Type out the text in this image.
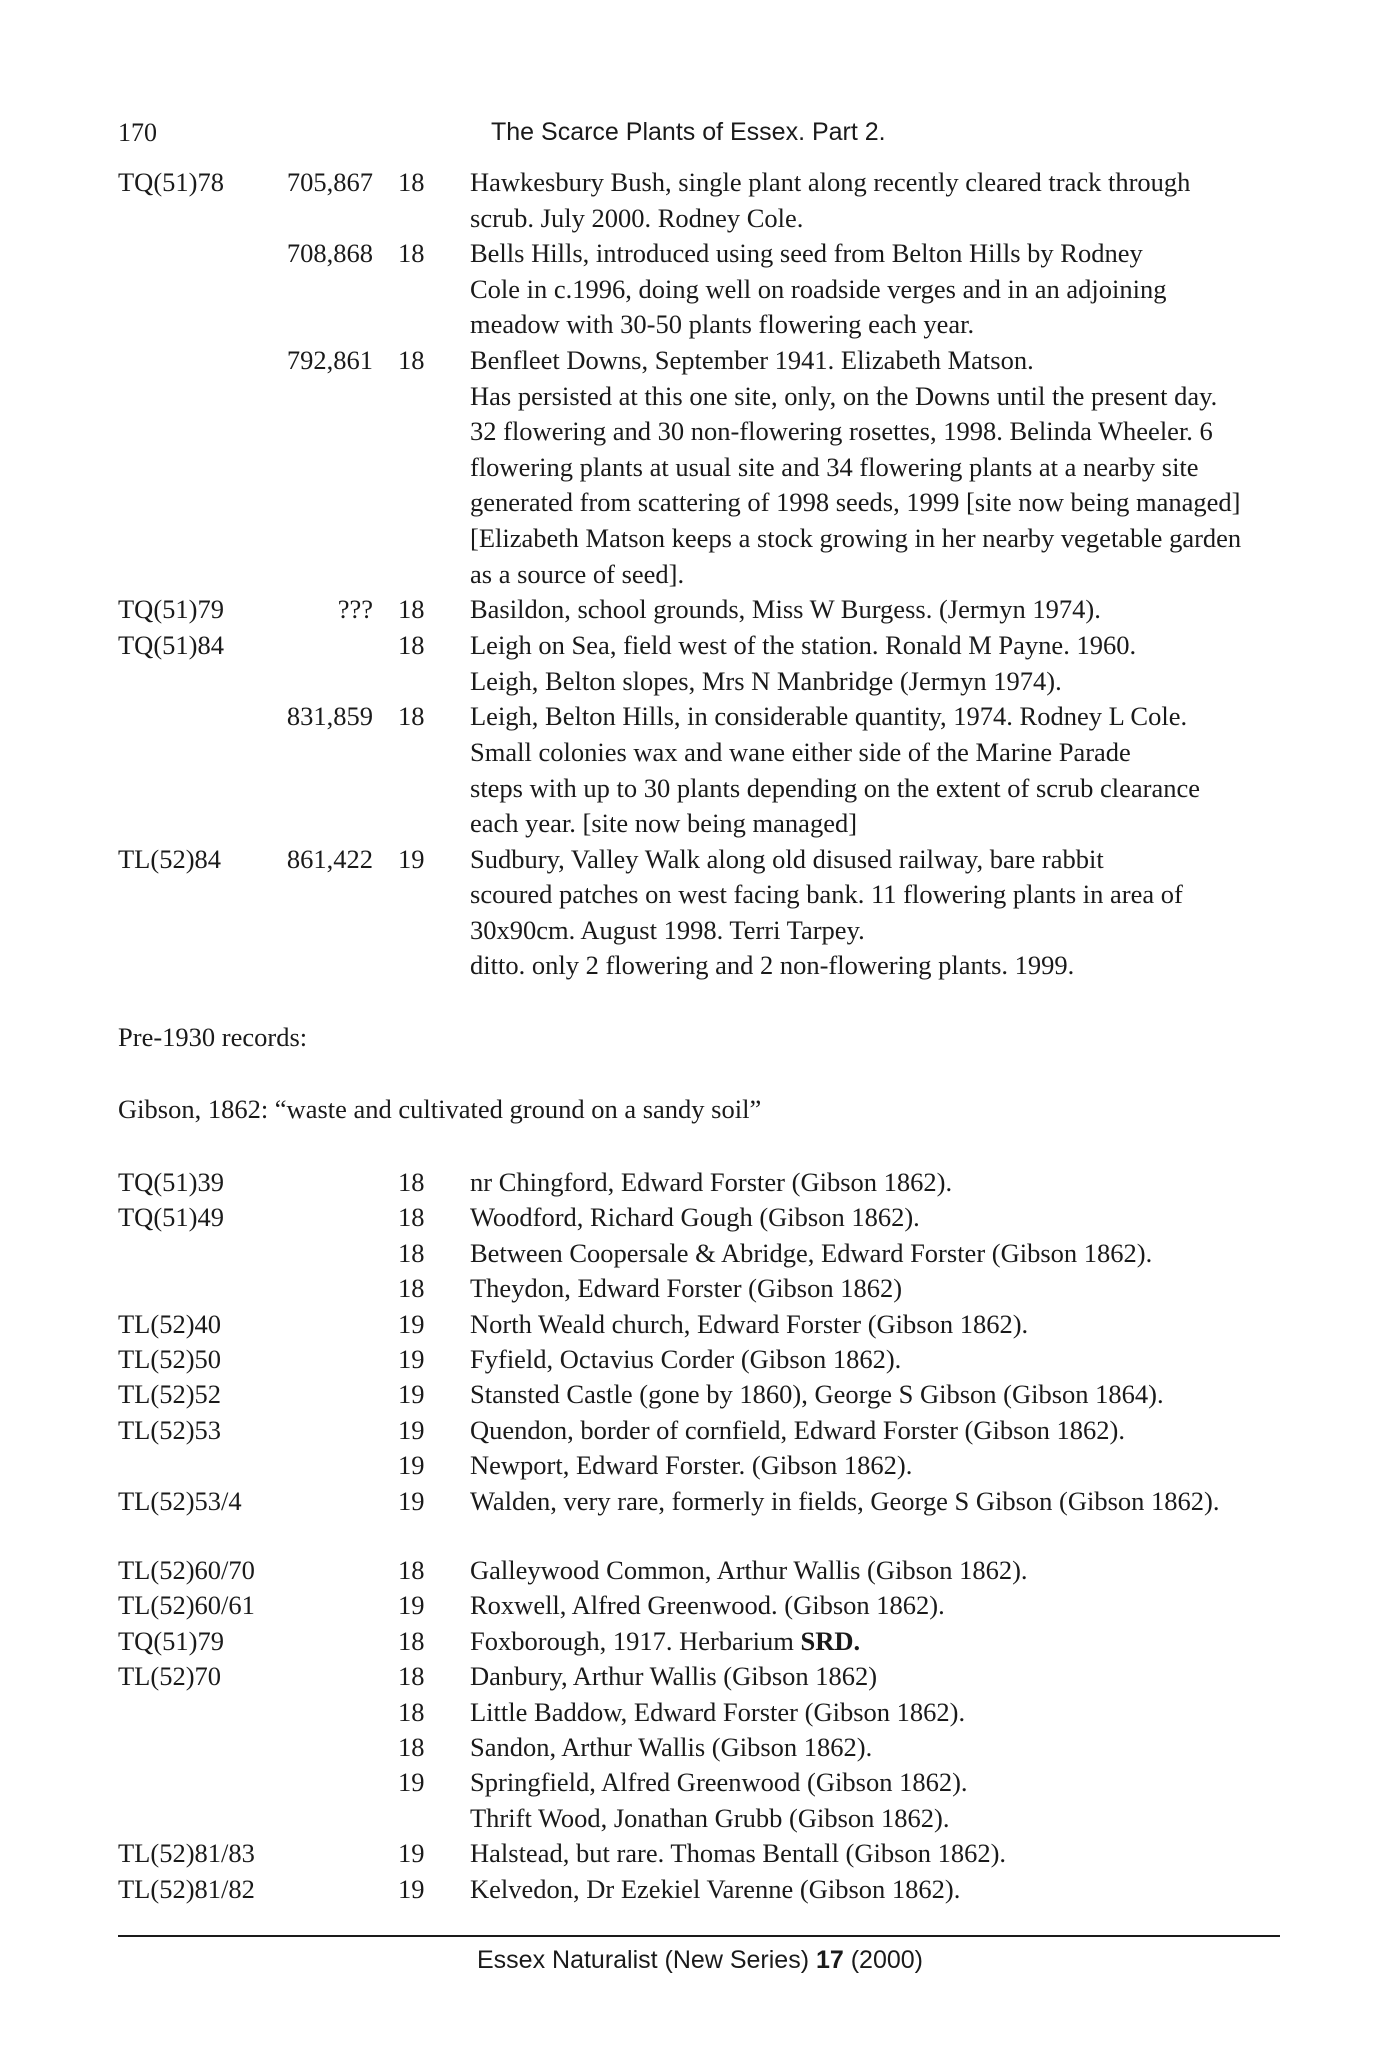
170	The Scarce Plants of Essex. Part 2.
TQ(51)78	705,867 18	Hawkesbury Bush, single plant along recently cleared track through
scrub. July 2000. Rodney Cole.
708,868 18	Bells Hills, introduced using seed from Belton Hills by Rodney
Cole in c.1996, doing well on roadside verges and in an adjoining
meadow with 30-50 plants flowering each year.
792,861 18	Benfleet Downs, September 1941. Elizabeth Matson.
Has persisted at this one site, only, on the Downs until the present day.
32 flowering and 30 non-flowering rosettes, 1998. Belinda Wheeler. 6
flowering plants at usual site and 34 flowering plants at a nearby site
generated from scattering of 1998 seeds, 1999 [site now being managed]
[Elizabeth Matson keeps a stock growing in her nearby vegetable garden
as a source of seed].
TQ(51)79	??? 18	Basildon, school grounds, Miss W Burgess. (Jermyn 1974).
TQ(51)84	18	Leigh on Sea, field west of the station. Ronald M Payne. 1960.
Leigh, Belton slopes, Mrs N Manbridge (Jermyn 1974).
831,859 18	Leigh, Belton Hills, in considerable quantity, 1974. Rodney L Cole.
Small colonies wax and wane either side of the Marine Parade
steps with up to 30 plants depending on the extent of scrub clearance
each year. [site now being managed]
TL(52)84	861,422 19	Sudbury, Valley Walk along old disused railway, bare rabbit
scoured patches on west facing bank. 11 flowering plants in area of
30x90cm. August 1998. Terri Tarpey.
ditto. only 2 flowering and 2 non-flowering plants. 1999.
Pre-1930 records:
Gibson, 1862: “waste and cultivated ground on a sandy soil”
TQ(51)39	18	nr Chingford, Edward Forster (Gibson 1862).
TQ(51)49	18	Woodford, Richard Gough (Gibson 1862).
18	Between Coopersale & Abridge, Edward Forster (Gibson 1862).
18	Theydon, Edward Forster (Gibson 1862)
TL(52)40	19	North Weald church, Edward Forster (Gibson 1862).
TL(52)50	19	Fyfield, Octavius Corder (Gibson 1862).
TL(52)52	19	Stansted Castle (gone by 1860), George S Gibson (Gibson 1864).
TL(52)53	19	Quendon, border of cornfield, Edward Forster (Gibson 1862).
19	Newport, Edward Forster. (Gibson 1862).
TL(52)53/4	19	Walden, very rare, formerly in fields, George S Gibson (Gibson 1862).
TL(52)60/70	18	Galleywood Common, Arthur Wallis (Gibson 1862).
TL(52)60/61	19	Roxwell, Alfred Greenwood. (Gibson 1862).
TQ(51)79	18	Foxborough, 1917. Herbarium SRD.
TL(52)70	18	Danbury, Arthur Wallis (Gibson 1862)
18	Little Baddow, Edward Forster (Gibson 1862).
18	Sandon, Arthur Wallis (Gibson 1862).
19	Springfield, Alfred Greenwood (Gibson 1862).
Thrift Wood, Jonathan Grubb (Gibson 1862).
TL(52)81/83	19	Halstead, but rare. Thomas Bentall (Gibson 1862).
TL(52)81/82	19	Kelvedon, Dr Ezekiel Varenne (Gibson 1862).
Essex Naturalist (New Series) 17 (2000)
